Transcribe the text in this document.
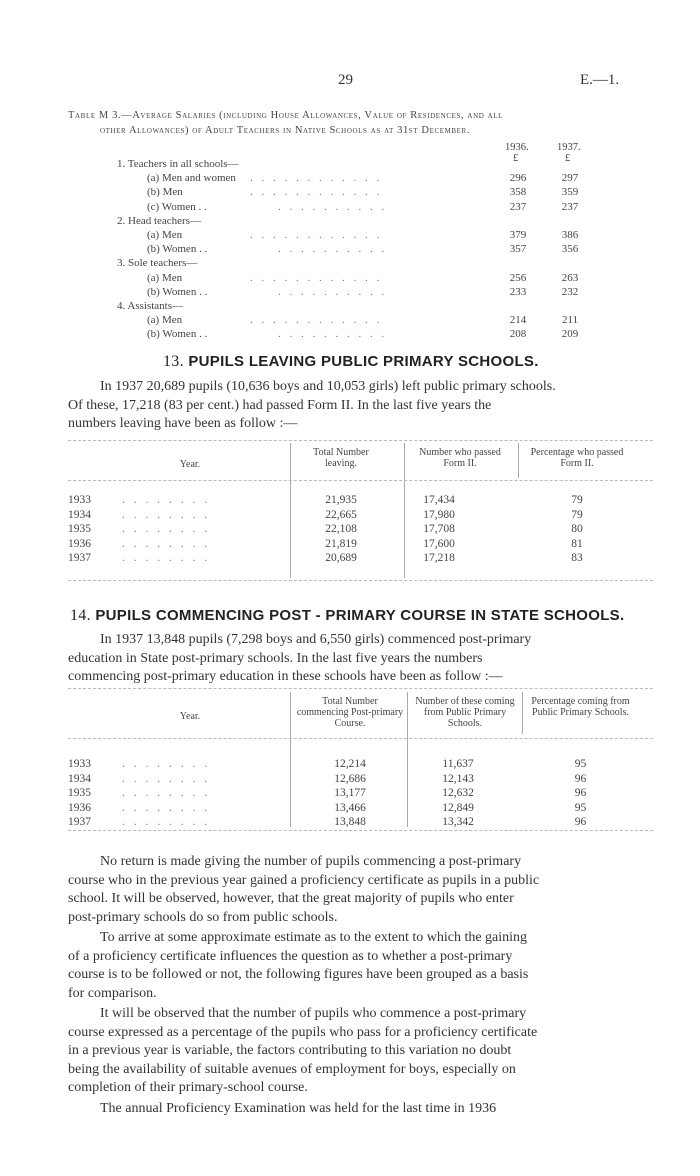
29	E.—1.
Table M 3.—Average Salaries (including House Allowances, Value of Residences, and all
other Allowances) of Adult Teachers in Native Schools as at 31st December.
1936.	1937.
£	£
1. Teachers in all schools—
(a) Men and women . . . . . . . . . . . .	296	297
(b) Men	. . . . . . . . . . . .	358	359
(c) Women . .	. . . . . . . . . .	237	237
2. Head teachers—
(a) Men	. . . . . . . . . . . .	379	386
(b) Women . .	. . . . . . . . . .	357	356
3. Sole teachers—
(a) Men	. . . . . . . . . . . .	256	263
(b) Women . .	. . . . . . . . . .	233	232
4. Assistants—
(a) Men	. . . . . . . . . . . .	214	211
(b) Women . .	. . . . . . . . . .	208	209
13. PUPILS LEAVING PUBLIC PRIMARY SCHOOLS.
In 1937 20,689 pupils (10,636 boys and 10,053 girls) left public primary schools.
Of these, 17,218 (83 per cent.) had passed Form II. In the last five years the
numbers leaving have been as follow :—
Year.
Total Number leaving.
Number who passed Form II.
Percentage who passed Form II.
1933	. . . . . . . .	21,935	17,434	79
1934	. . . . . . . .	22,665	17,980	79
1935	. . . . . . . .	22,108	17,708	80
1936	. . . . . . . .	21,819	17,600	81
1937	. . . . . . . .	20,689	17,218	83
14. PUPILS COMMENCING POST - PRIMARY COURSE IN STATE SCHOOLS.
In 1937 13,848 pupils (7,298 boys and 6,550 girls) commenced post-primary
education in State post-primary schools. In the last five years the numbers
commencing post-primary education in these schools have been as follow :—
Year.
Total Number commencing Post-primary Course.
Number of these coming from Public Primary Schools.
Percentage coming from Public Primary Schools.
1933	. . . . . . . .	12,214	11,637	95
1934	. . . . . . . .	12,686	12,143	96
1935	. . . . . . . .	13,177	12,632	96
1936	. . . . . . . .	13,466	12,849	95
1937	. . . . . . . .	13,848	13,342	96
No return is made giving the number of pupils commencing a post-primary
course who in the previous year gained a proficiency certificate as pupils in a public
school. It will be observed, however, that the great majority of pupils who enter
post-primary schools do so from public schools.
To arrive at some approximate estimate as to the extent to which the gaining
of a proficiency certificate influences the question as to whether a post-primary
course is to be followed or not, the following figures have been grouped as a basis
for comparison.
It will be observed that the number of pupils who commence a post-primary
course expressed as a percentage of the pupils who pass for a proficiency certificate
in a previous year is variable, the factors contributing to this variation no doubt
being the availability of suitable avenues of employment for boys, especially on
completion of their primary-school course.
The annual Proficiency Examination was held for the last time in 1936
